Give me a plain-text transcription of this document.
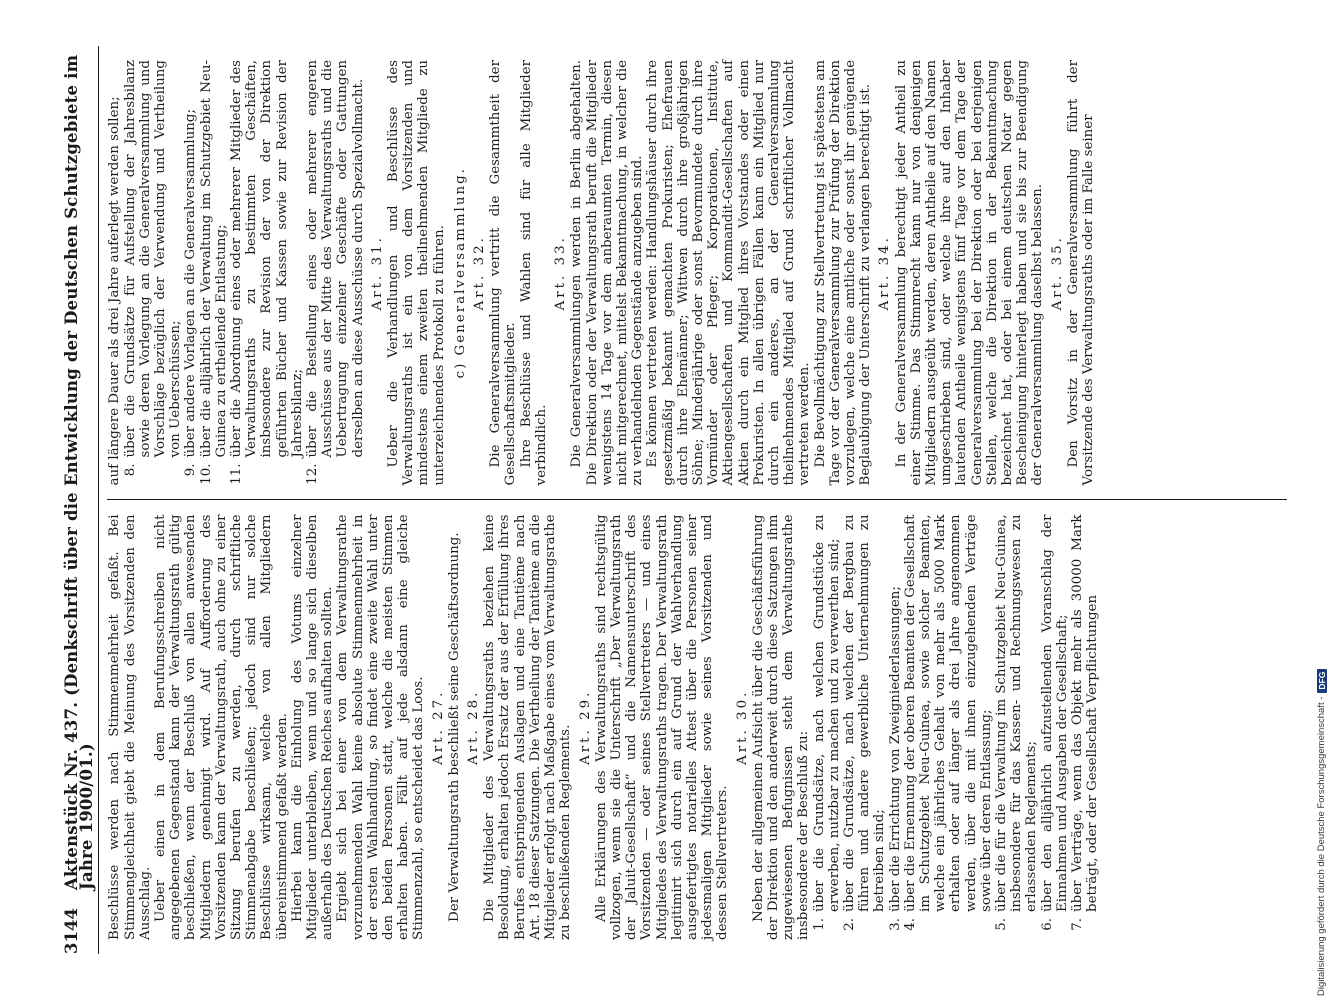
3144
Aktenstück Nr. 437. (Denkschrift über die Entwicklung der Deutschen Schutzgebiete im Jahre 1900/01.) Beschlüsse werden nach Stimmenmehrheit gefaßt. Bei Stimmengleichheit giebt die Meinung des Vorsitzenden den Ausschlag. Ueber einen in dem Berufungsschreiben nicht angegebenen Gegenstand kann der Verwaltungsrath gültig beschließen, wenn der Beschluß von allen anwesenden Mitgliedern genehmigt wird. Auf Aufforderung des Vorsitzenden kann der Verwaltungsrath, auch ohne zu einer Sitzung berufen zu werden, durch schriftliche Stimmenabgabe beschließen; jedoch sind nur solche Beschlüsse wirksam, welche von allen Mitgliedern übereinstimmend gefaßt werden. Hierbei kann die Einholung des Votums einzelner Mitglieder unterbleiben, wenn und so lange sich dieselben außerhalb des Deutschen Reiches aufhalten sollten. Ergiebt sich bei einer von dem Verwaltungsrathe vorzunehmenden Wahl keine absolute Stimmenmehrheit in der ersten Wahlhandlung, so findet eine zweite Wahl unter den beiden Personen statt, welche die meisten Stimmen erhalten haben. Fällt auf jede alsdann eine gleiche Stimmenzahl, so entscheidet das Loos. Art. 27. Der Verwaltungsrath beschließt seine Geschäftsordnung. Art. 28. Die Mitglieder des Verwaltungsraths beziehen keine Besoldung, erhalten jedoch Ersatz der aus der Erfüllung ihres Berufes entspringenden Auslagen und eine Tantième nach Art. 18 dieser Satzungen. Die Vertheilung der Tantième an die Mitglieder erfolgt nach Maßgabe eines vom Verwaltungsrathe zu beschließenden Reglements. Art. 29. Alle Erklärungen des Verwaltungsraths sind rechtsgültig vollzogen, wenn sie die Unterschrift „Der Verwaltungsrath der Jaluit-Gesellschaft“ und die Namensunterschrift des Vorsitzenden — oder seines Stellvertreters — und eines Mitgliedes des Verwaltungsraths tragen. Der Verwaltungsrath legitimirt sich durch ein auf Grund der Wahlverhandlung ausgefertigtes notarielles Attest über die Personen seiner jedesmaligen Mitglieder sowie seines Vorsitzenden und dessen Stellvertreters.

Art. 30. Neben der allgemeinen Aufsicht über die Geschäftsführung der Direktion und den anderweit durch diese Satzungen ihm zugewiesenen Befugnissen steht dem Verwaltungsrathe insbesondere der Beschluß zu: 1.
über die Grundsätze, nach welchen Grundstücke zu erwerben, nutzbar zu machen und zu verwerthen sind;
2.
über die Grundsätze, nach welchen der Bergbau zu führen und andere gewerbliche Unternehmungen zu betreiben sind;
3.
über die Errichtung von Zweigniederlassungen;
4.
über die Ernennung der oberen Beamten der Gesellschaft im Schutzgebiet Neu-Guinea, sowie solcher Beamten, welche ein jährliches Gehalt von mehr als 5000 Mark erhalten oder auf länger als drei Jahre angenommen werden, über die mit ihnen einzugehenden Verträge sowie über deren Entlassung;
5.
über die für die Verwaltung im Schutzgebiet Neu-Guinea, insbesondere für das Kassen- und Rechnungswesen zu erlassenden Reglements;
6.
über den alljährlich aufzustellenden Voranschlag der Einnahmen und Ausgaben der Gesellschaft;
7.
über Verträge, wenn das Objekt mehr als 30000 Mark beträgt, oder der Gesellschaft Verpflichtungen

auf längere Dauer als drei Jahre auferlegt werden sollen; 8.
über die Grundsätze für Aufstellung der Jahresbilanz sowie deren Vorlegung an die Generalversammlung und Vorschläge bezüglich der Verwendung und Vertheilung von Ueberschüssen;
9.
über andere Vorlagen an die Generalversammlung;
10.
über die alljährlich der Verwaltung im Schutzgebiet Neu-Guinea zu ertheilende Entlastung;
11.
über die Abordnung eines oder mehrerer Mitglieder des Verwaltungsraths zu bestimmten Geschäften, insbesondere zur Revision der von der Direktion geführten Bücher und Kassen sowie zur Revision der Jahresbilanz;
12.
über die Bestellung eines oder mehrerer engeren Ausschüsse aus der Mitte des Verwaltungsraths und die Uebertragung einzelner Geschäfte oder Gattungen derselben an diese Ausschüsse durch Spezialvollmacht. Art. 31. Ueber die Verhandlungen und Beschlüsse des Verwaltungsraths ist ein von dem Vorsitzenden und mindestens einem zweiten theilnehmenden Mitgliede zu unterzeichnendes Protokoll zu führen. c) Generalversammlung. Art. 32. Die Generalversammlung vertritt die Gesammtheit der Gesellschaftsmitglieder. Ihre Beschlüsse und Wahlen sind für alle Mitglieder verbindlich.

Art. 33. Die Generalversammlungen werden in Berlin abgehalten. Die Direktion oder der Verwaltungsrath beruft die Mitglieder wenigstens 14 Tage vor dem anberaumten Termin, diesen nicht mitgerechnet, mittelst Bekanntmachung, in welcher die zu verhandelnden Gegenstände anzugeben sind. Es können vertreten werden: Handlungshäuser durch ihre gesetzmäßig bekannt gemachten Prokuristen; Ehefrauen durch ihre Ehemänner; Wittwen durch ihre großjährigen Söhne; Minderjährige oder sonst Bevormundete durch ihre Vormünder oder Pfleger; Korporationen, Institute, Aktiengesellschaften und Kommandit-Gesellschaften auf Aktien durch ein Mitglied ihres Vorstandes oder einen Prokuristen. In allen übrigen Fällen kann ein Mitglied nur durch ein anderes, an der Generalversammlung theilnehmendes Mitglied auf Grund schriftlicher Vollmacht vertreten werden. Die Bevollmächtigung zur Stellvertretung ist spätestens am Tage vor der Generalversammlung zur Prüfung der Direktion vorzulegen, welche eine amtliche oder sonst ihr genügende Beglaubigung der Unterschrift zu verlangen berechtigt ist. Art. 34. In der Generalversammlung berechtigt jeder Antheil zu einer Stimme. Das Stimmrecht kann nur von denjenigen Mitgliedern ausgeübt werden, deren Antheile auf den Namen umgeschrieben sind, oder welche ihre auf den Inhaber lautenden Antheile wenigstens fünf Tage vor dem Tage der Generalversammlung bei der Direktion oder bei derjenigen Stellen, welche die Direktion in der Bekanntmachung bezeichnet hat, oder bei einem deutschen Notar gegen Bescheinigung hinterlegt haben und sie bis zur Beendigung der Generalversammlung daselbst belassen. Art. 35. Den Vorsitz in der Generalversammlung führt der Vorsitzende des Verwaltungsraths oder im Falle seiner

Digitalisierung gefördert durch die Deutsche Forschungsgemeinschaft -
DFG
